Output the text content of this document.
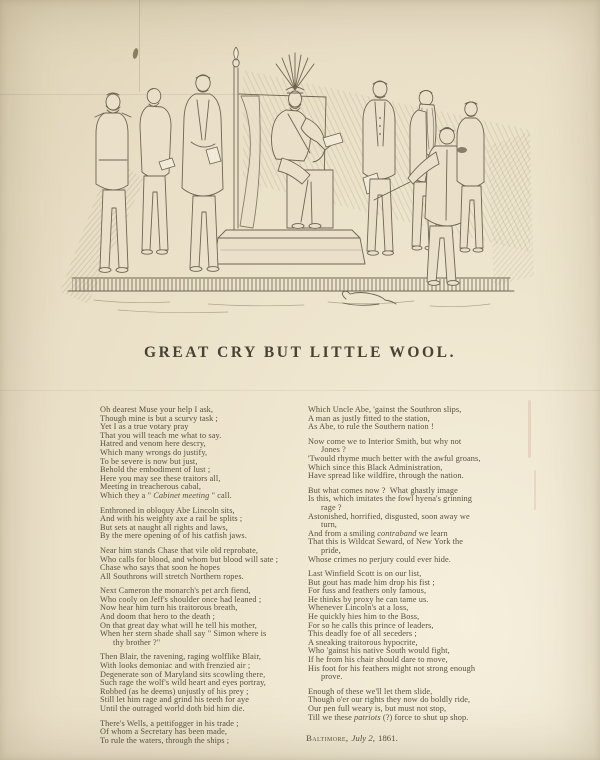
GREAT CRY BUT LITTLE WOOL.
Oh dearest Muse your help I ask,
Though mine is but a scurvy task ;
Yet I as a true votary pray
That you will teach me what to say.
Hatred and venom here descry,
Which many wrongs do justify,
To be severe is now but just,
Behold the embodiment of lust ;
Here you may see these traitors all,
Meeting in treacherous cabal,
Which they a " Cabinet meeting " call.
Enthroned in obloquy Abe Lincoln sits,
And with his weighty axe a rail be splits ;
But sets at naught all rights and laws,
By the mere opening of of his catfish jaws.
Near him stands Chase that vile old reprobate,
Who calls for blood, and whom but blood will sate ;
Chase who says that soon he hopes
All Southrons will stretch Northern ropes.
Next Cameron the monarch's pet arch fiend,
Who cooly on Jeff's shoulder once had leaned ;
Now hear him turn his traitorous breath,
And doom that hero to the death ;
On that great day what will he tell his mother,
When her stern shade shall say " Simon where is
thy brother ?"
Then Blair, the ravening, raging wolflike Blair,
With looks demoniac and with frenzied air ;
Degenerate son of Maryland sits scowling there,
Such rage the wolf's wild heart and eyes portray,
Robbed (as he deems) unjustly of his prey ;
Still let him rage and grind his teeth for aye
Until the outraged world doth bid him die.
There's Wells, a pettifogger in his trade ;
Of whom a Secretary has been made,
To rule the waters, through the ships ;
Which Uncle Abe, 'gainst the Southron slips,
A man as justly fitted to the station,
As Abe, to rule the Southern nation !
Now come we to Interior Smith, but why not
Jones ?
'Twould rhyme much better with the awful groans,
Which since this Black Administration,
Have spread like wildfire, through the nation.
But what comes now ?  What ghastly image
Is this, which imitates the fowl hyena's grinning
rage ?
Astonished, horrified, disgusted, soon away we
turn,
And from a smiling contraband we learn
That this is Wildcat Seward, of New York the
pride,
Whose crimes no perjury could ever hide.
Last Winfield Scott is on our list,
But gout has made him drop his fist ;
For fuss and feathers only famous,
He thinks by proxy he can tame us.
Whenever Lincoln's at a loss,
He quickly hies him to the Boss,
For so he calls this prince of leaders,
This deadly foe of all seceders ;
A sneaking traitorous hypocrite,
Who 'gainst his native South would fight,
If he from his chair should dare to move,
His foot for his feathers might not strong enough
prove.
Enough of these we'll let them slide,
Though o'er our rights they now do boldly ride,
Our pen full weary is, but must not stop,
Till we these patriots (?) force to shut up shop.
Baltimore, July 2, 1861.
